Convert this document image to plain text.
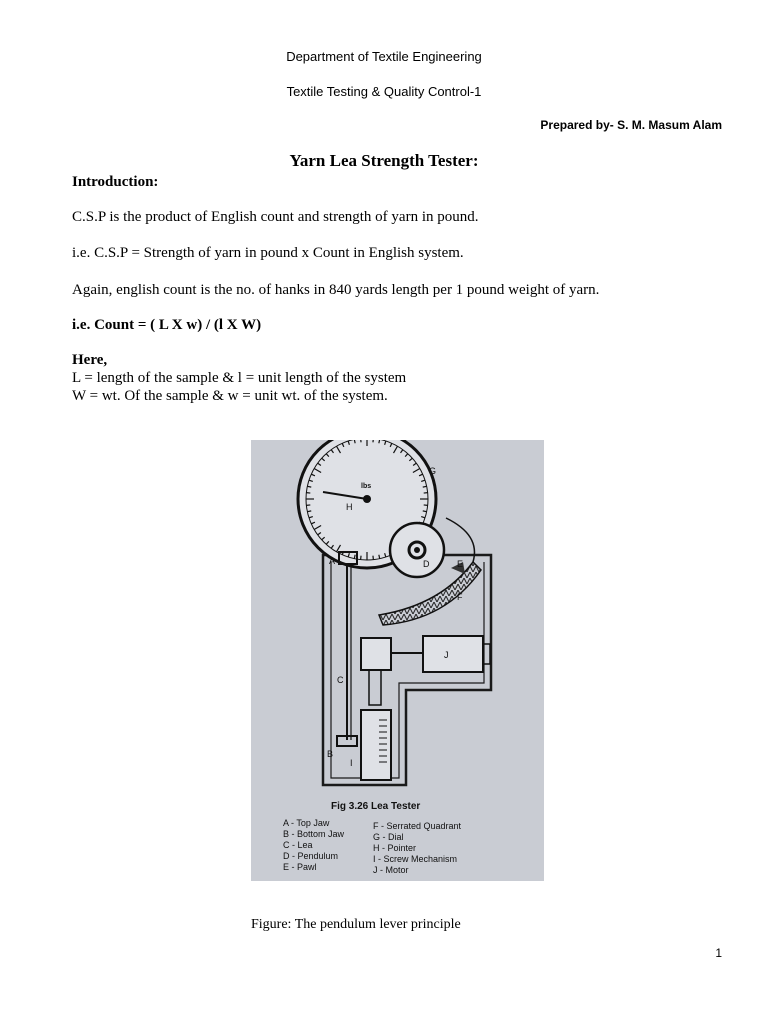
Department of Textile Engineering
Textile Testing & Quality Control-1
Prepared by- S. M. Masum Alam
Yarn Lea Strength Tester:
Introduction:
C.S.P is the product of English count and strength of yarn in pound.
i.e. C.S.P = Strength of yarn in pound x Count in English system.
Again, english count is the no. of hanks in 840 yards length per 1 pound weight of yarn.
i.e. Count = ( L X w) / (l X W)
Here,
L = length of the sample & l = unit length of the system
W = wt. Of the sample & w = unit wt. of the system.
lbs
A
B
C
D	E
F
G
H
I
J
Fig 3.26 Lea Tester
A - Top Jaw
B - Bottom Jaw
C - Lea
D - Pendulum
E - Pawl
F - Serrated Quadrant
G - Dial
H - Pointer
I - Screw Mechanism
J - Motor
Figure: The pendulum lever principle
1
